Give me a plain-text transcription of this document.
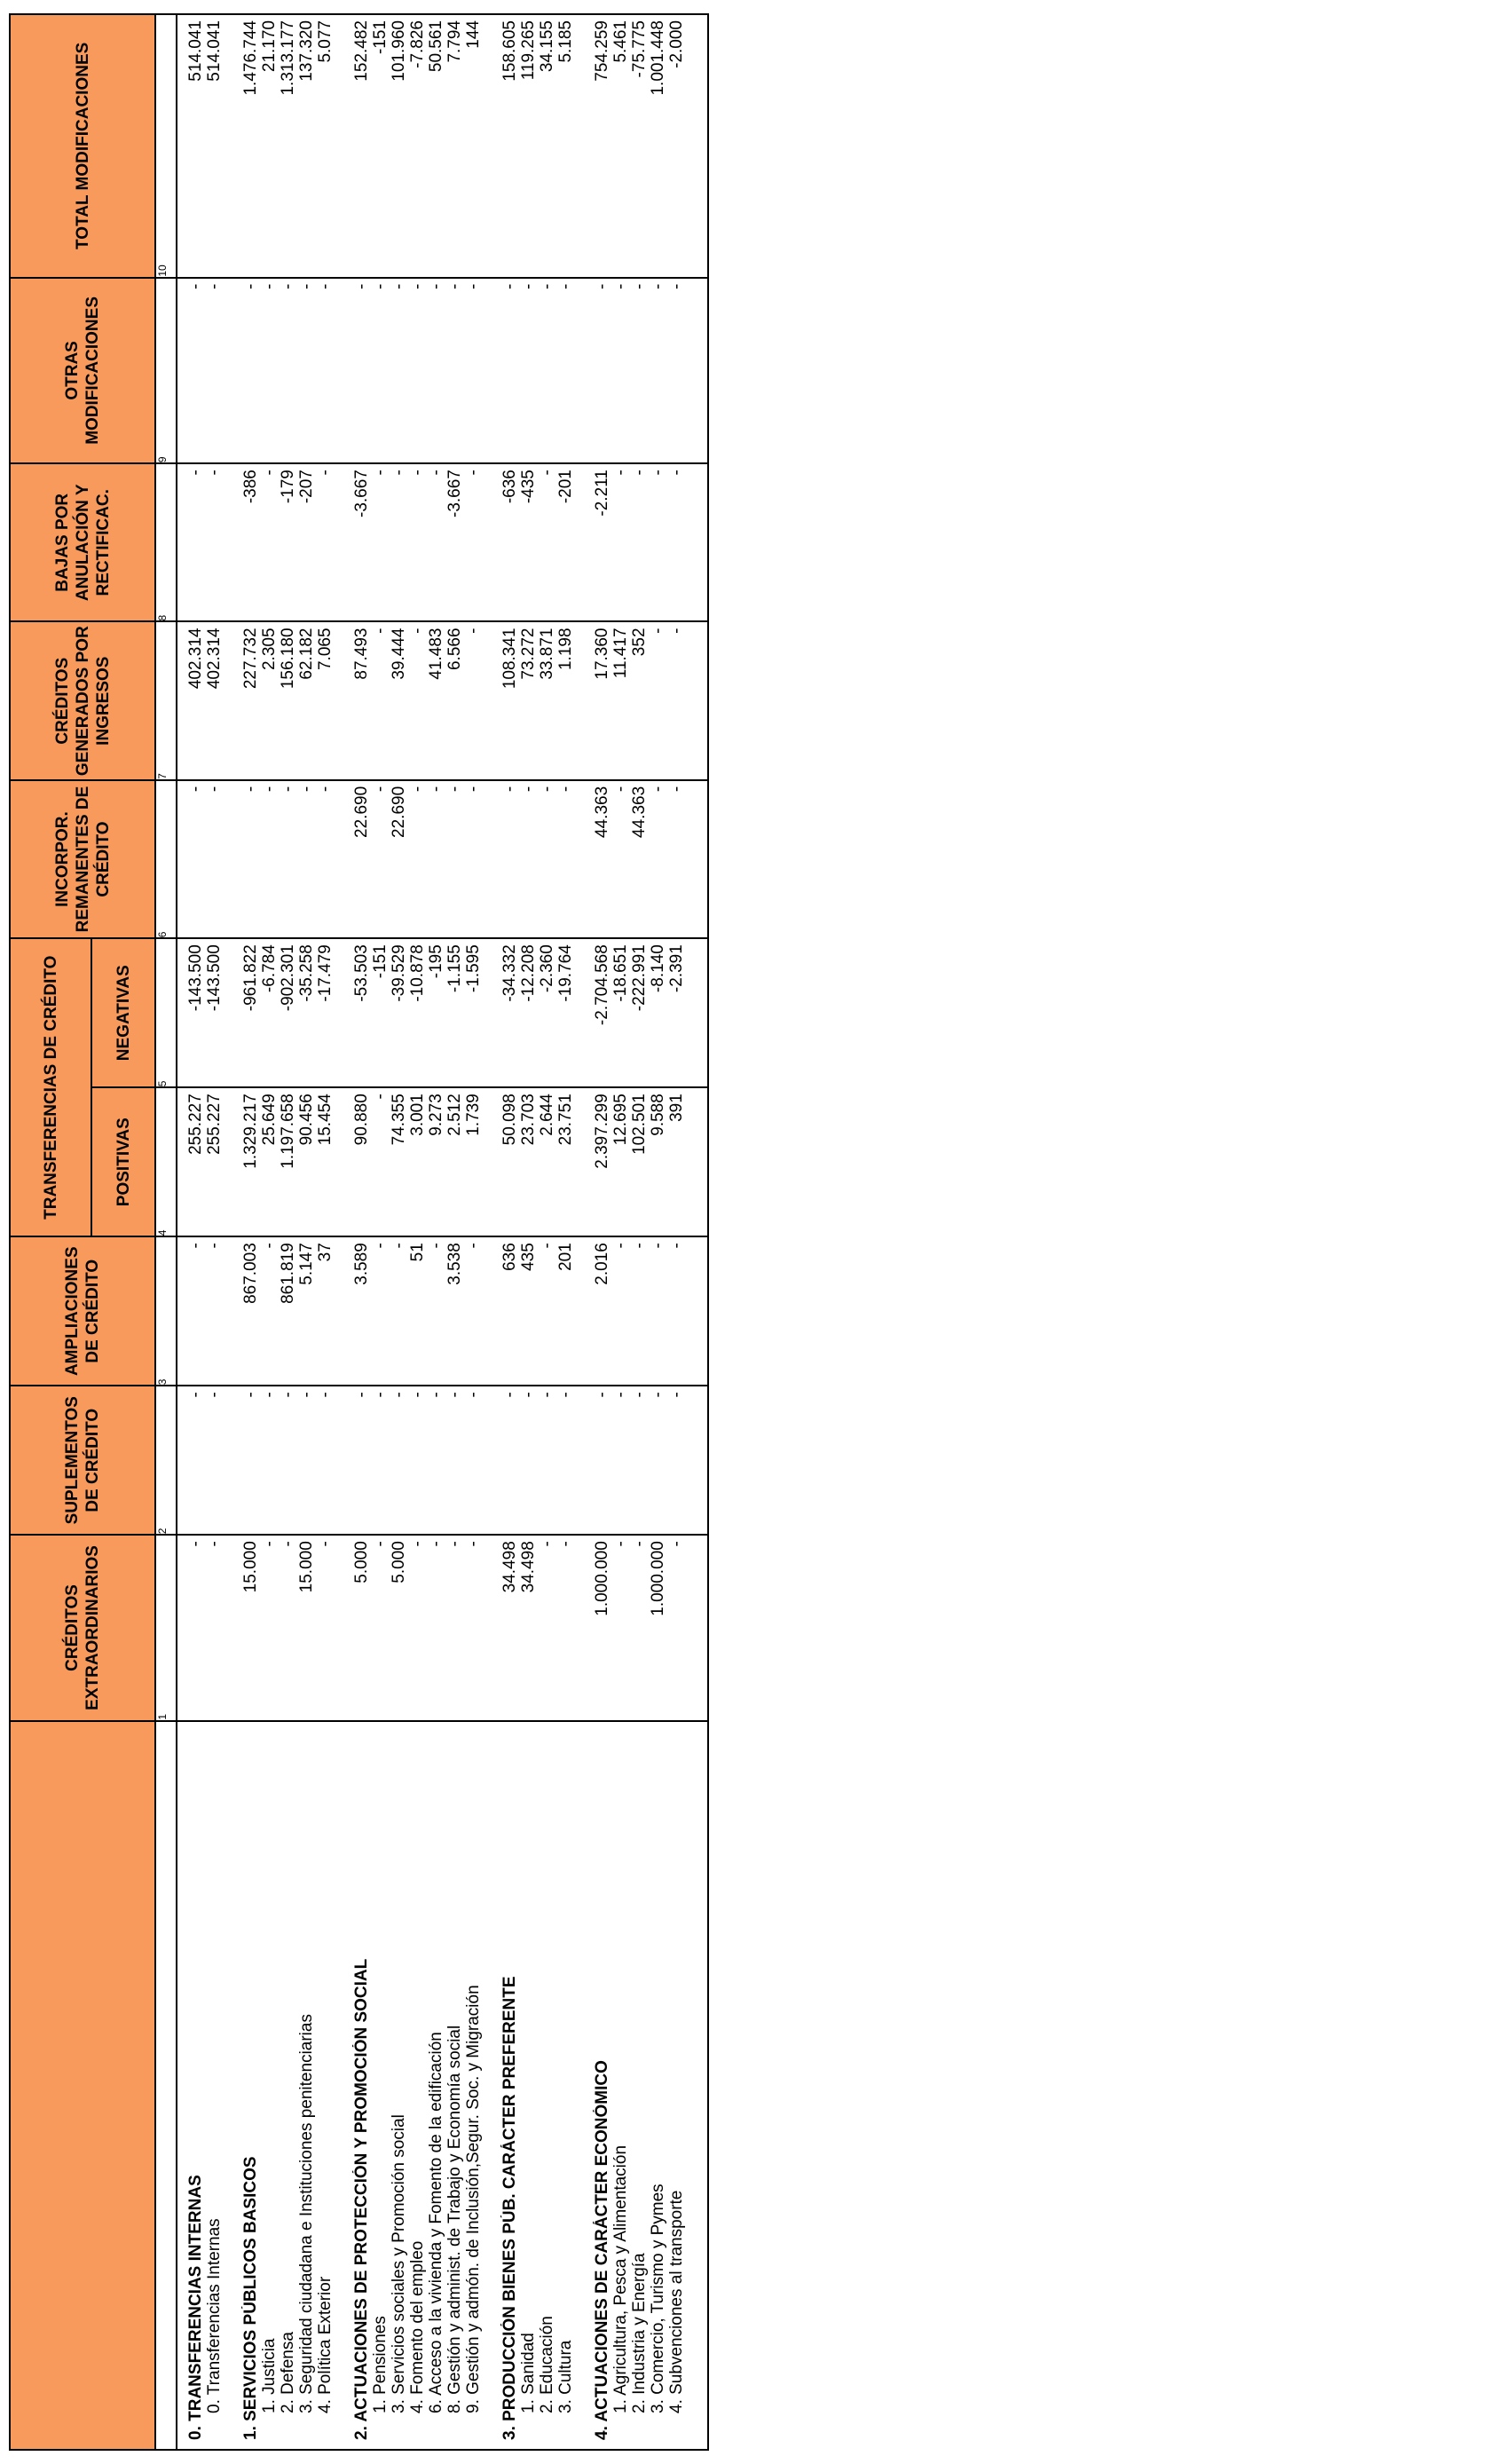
	CRÉDITOS EXTRAORDINARIOS	SUPLEMENTOS DE CRÉDITO	AMPLIACIONES DE CRÉDITO	TRANSFERENCIAS DE CRÉDITO		INCORPOR. REMANENTES DE CRÉDITO	CRÉDITOS GENERADOS POR INGRESOS	BAJAS POR ANULACIÓN Y RECTIFICAC.	OTRAS MODIFICACIONES	TOTAL MODIFICACIONES
				POSITIVAS	NEGATIVAS					
	1	2	3	4	5	6	7	8	9	10

0. TRANSFERENCIAS INTERNAS	-	-	-	255.227	-143.500	-	402.314	-	-	514.041
0. Transferencias Internas	-	-	-	255.227	-143.500	-	402.314	-	-	514.041

1. SERVICIOS PÚBLICOS BASICOS	15.000	-	867.003	1.329.217	-961.822	-	227.732	-386	-	1.476.744
1. Justicia	-	-	-	25.649	-6.784	-	2.305	-	-	21.170
2. Defensa	-	-	861.819	1.197.658	-902.301	-	156.180	-179	-	1.313.177
3. Seguridad ciudadana e Instituciones penitenciarias	15.000	-	5.147	90.456	-35.258	-	62.182	-207	-	137.320
4. Política Exterior	-	-	37	15.454	-17.479	-	7.065	-	-	5.077

2. ACTUACIONES DE PROTECCIÓN Y PROMOCIÓN SOCIAL	5.000	-	3.589	90.880	-53.503	22.690	87.493	-3.667	-	152.482
1. Pensiones	-	-	-	-	-151	-	-	-	-	-151
3. Servicios sociales y Promoción social	5.000	-	-	74.355	-39.529	22.690	39.444	-	-	101.960
4. Fomento del empleo	-	-	51	3.001	-10.878	-	-	-	-	-7.826
6. Acceso a la vivienda y Fomento de la edificación	-	-	-	9.273	-195	-	41.483	-	-	50.561
8. Gestión y administ. de Trabajo y Economía social	-	-	3.538	2.512	-1.155	-	6.566	-3.667	-	7.794
9. Gestión y admón. de Inclusión,Segur. Soc. y Migración	-	-	-	1.739	-1.595	-	-	-	-	144

3. PRODUCCIÓN BIENES PÚB. CARÁCTER PREFERENTE	34.498	-	636	50.098	-34.332	-	108.341	-636	-	158.605
1. Sanidad	34.498	-	435	23.703	-12.208	-	73.272	-435	-	119.265
2. Educación	-	-	-	2.644	-2.360	-	33.871	-	-	34.155
3. Cultura	-	-	201	23.751	-19.764	-	1.198	-201	-	5.185

4. ACTUACIONES DE CARÁCTER ECONÓMICO	1.000.000	-	2.016	2.397.299	-2.704.568	44.363	17.360	-2.211	-	754.259
1. Agricultura, Pesca y Alimentación	-	-	-	12.695	-18.651	-	11.417	-	-	5.461
2. Industria y Energía	-	-	-	102.501	-222.991	44.363	352	-	-	-75.775
3. Comercio, Turismo y Pymes	1.000.000	-	-	9.588	-8.140	-	-	-	-	1.001.448
4. Subvenciones al transporte	-	-	-	391	-2.391	-	-	-	-	-2.000
